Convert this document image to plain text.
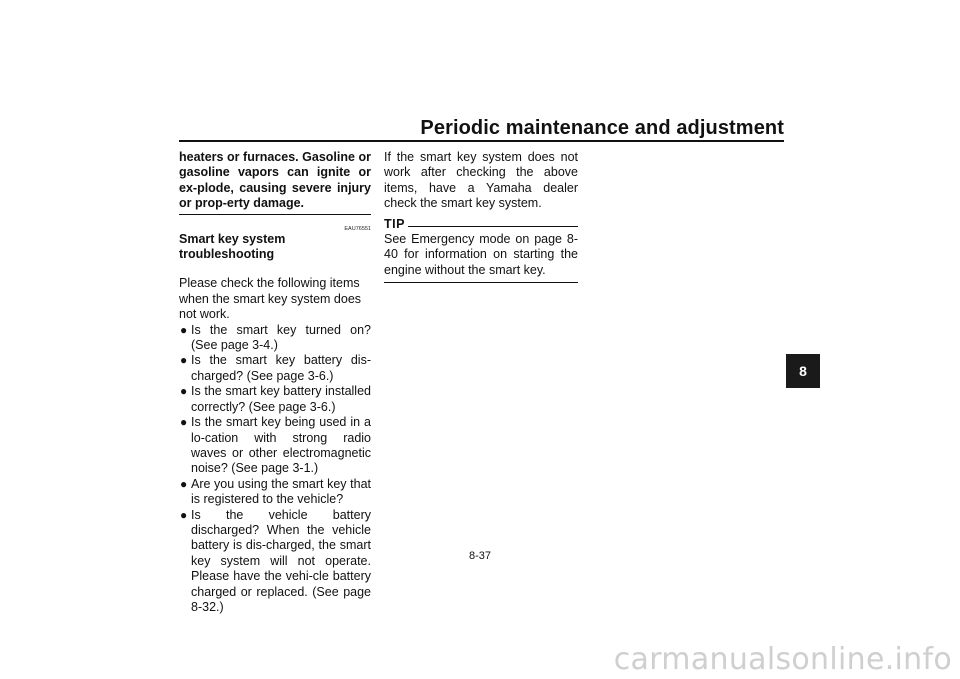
Periodic maintenance and adjustment

heaters or furnaces. Gasoline or gasoline vapors can ignite or ex-plode, causing severe injury or prop-erty damage.

EAU76551
Smart key system troubleshooting

Please check the following items when the smart key system does not work.

● Is the smart key turned on? (See page 3-4.)
● Is the smart key battery dis-charged? (See page 3-6.)
● Is the smart key battery installed correctly? (See page 3-6.)
● Is the smart key being used in a lo-cation with strong radio waves or other electromagnetic noise? (See page 3-1.)
● Are you using the smart key that is registered to the vehicle?
● Is the vehicle battery discharged? When the vehicle battery is dis-charged, the smart key system will not operate. Please have the vehi-cle battery charged or replaced. (See page 8-32.)

If the smart key system does not work after checking the above items, have a Yamaha dealer check the smart key system.

TIP

See Emergency mode on page 8-40 for information on starting the engine without the smart key.

8-37
8
carmanualsonline.info
